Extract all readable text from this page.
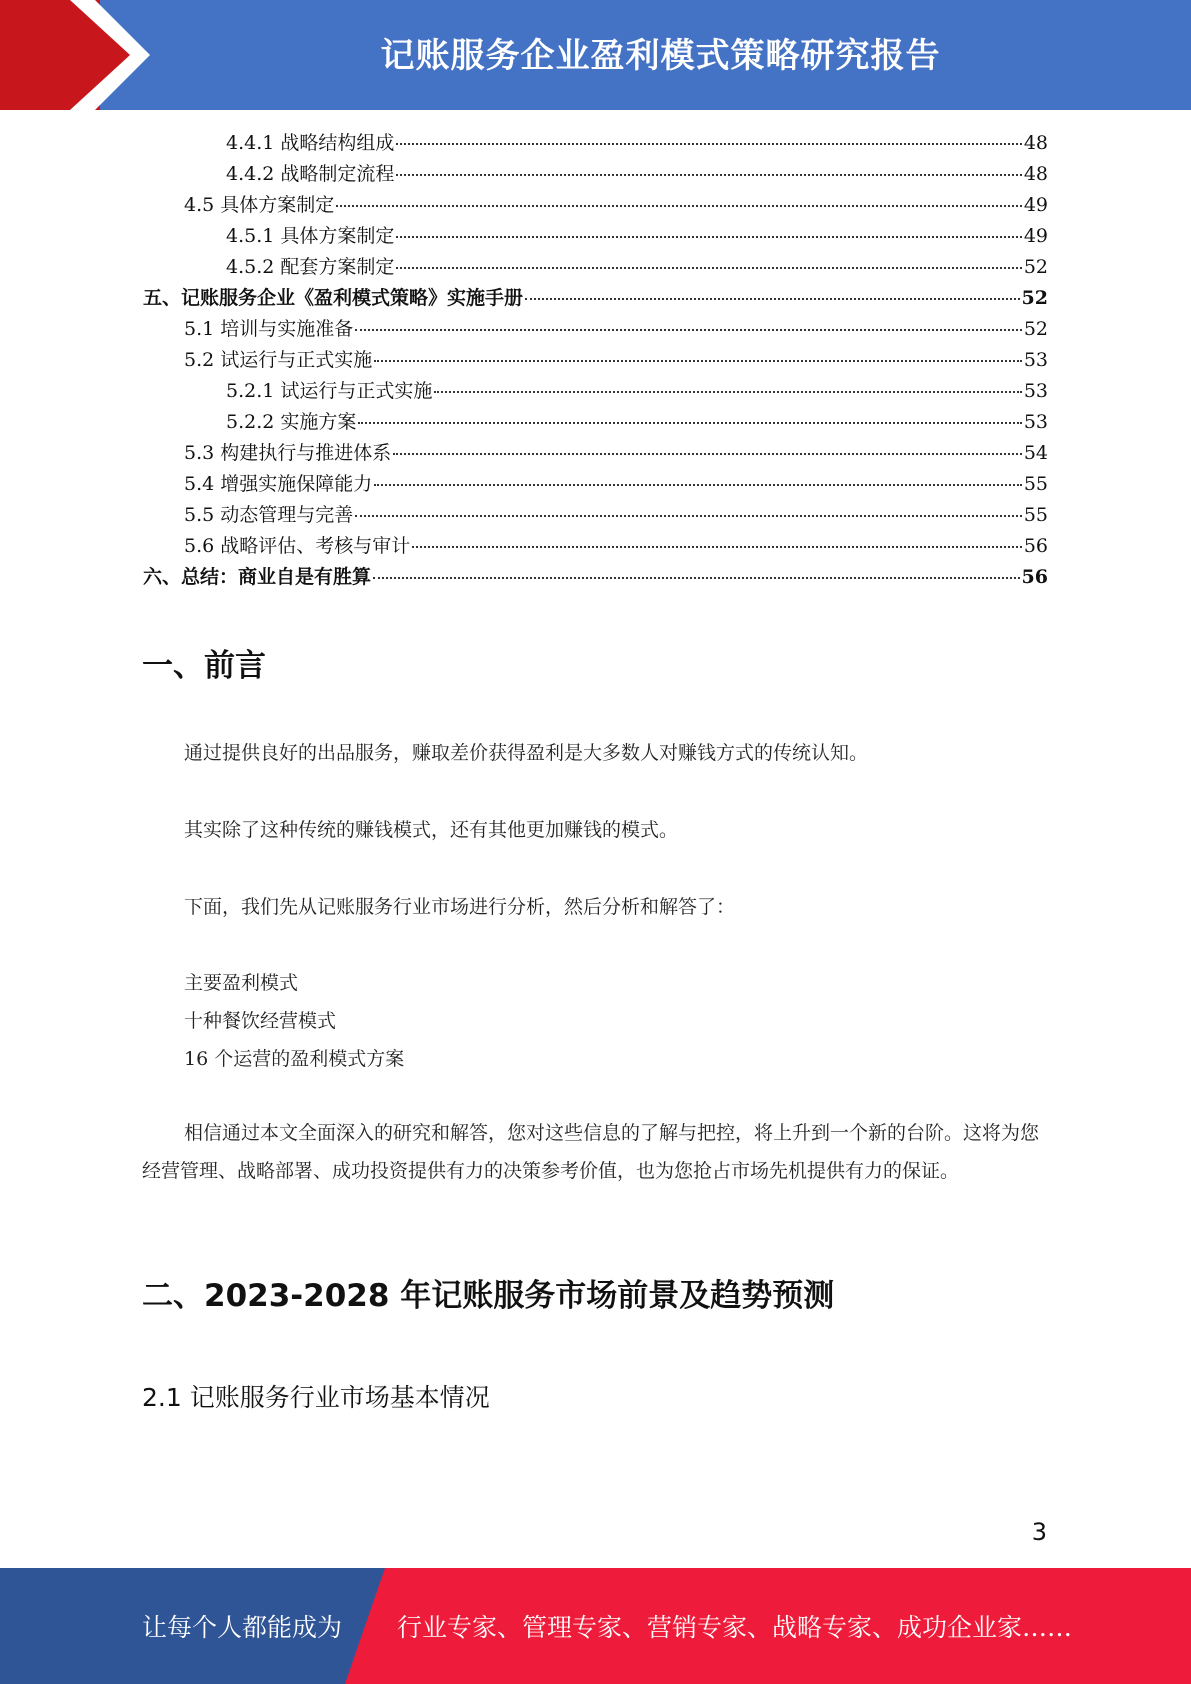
记账服务企业盈利模式策略研究报告
4.4.1 战略结构组成	48
4.4.2 战略制定流程	48
4.5 具体方案制定	49
4.5.1 具体方案制定	49
4.5.2 配套方案制定	52
五、记账服务企业《盈利模式策略》实施手册	52
5.1 培训与实施准备	52
5.2 试运行与正式实施	53
5.2.1 试运行与正式实施	53
5.2.2 实施方案	53
5.3 构建执行与推进体系	54
5.4 增强实施保障能力	55
5.5 动态管理与完善	55
5.6 战略评估、考核与审计	56
六、总结：商业自是有胜算	56
一、前言
通过提供良好的出品服务，赚取差价获得盈利是大多数人对赚钱方式的传统认知。
其实除了这种传统的赚钱模式，还有其他更加赚钱的模式。
下面，我们先从记账服务行业市场进行分析，然后分析和解答了：
主要盈利模式
十种餐饮经营模式
16 个运营的盈利模式方案
相信通过本文全面深入的研究和解答，您对这些信息的了解与把控，将上升到一个新的台阶。这将为您经营管理、战略部署、成功投资提供有力的决策参考价值，也为您抢占市场先机提供有力的保证。
二、2023-2028 年记账服务市场前景及趋势预测
2.1 记账服务行业市场基本情况
3
让每个人都能成为 行业专家、管理专家、营销专家、战略专家、成功企业家……
